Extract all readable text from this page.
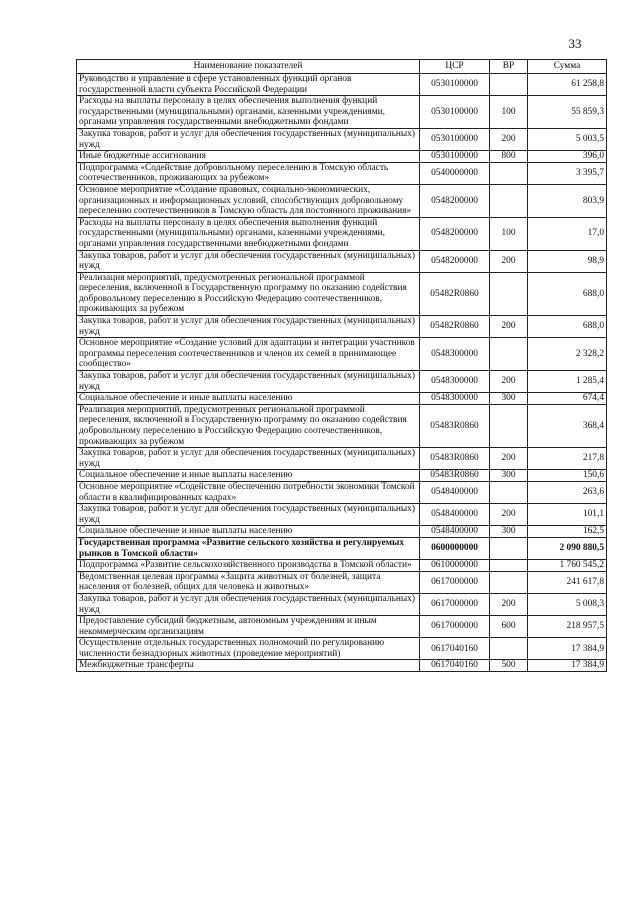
33
Наименование показателей	ЦСР	ВР	Сумма
Руководство и управление в сфере установленных функций органов государственной власти субъекта Российской Федерации	0530100000		61 258,8
Расходы на выплаты персоналу в целях обеспечения выполнения функций государственными (муниципальными) органами, казенными учреждениями, органами управления государственными внебюджетными фондами	0530100000	100	55 859,3
Закупка товаров, работ и услуг для обеспечения государственных (муниципальных) нужд	0530100000	200	5 003,5
Иные бюджетные ассигнования	0530100000	800	396,0
Подпрограмма «Содействие добровольному переселению в Томскую область соотечественников, проживающих за рубежом»	0540000000		3 395,7
Основное мероприятие «Создание правовых, социально-экономических, организационных и информационных условий, способствующих добровольному переселению соотечественников в Томскую область для постоянного проживания»	0548200000		803,9
Расходы на выплаты персоналу в целях обеспечения выполнения функций государственными (муниципальными) органами, казенными учреждениями, органами управления государственными внебюджетными фондами	0548200000	100	17,0
Закупка товаров, работ и услуг для обеспечения государственных (муниципальных) нужд	0548200000	200	98,9
Реализация мероприятий, предусмотренных региональной программой переселения, включенной в Государственную программу по оказанию содействия добровольному переселению в Российскую Федерацию соотечественников, проживающих за рубежом	05482R0860		688,0
Закупка товаров, работ и услуг для обеспечения государственных (муниципальных) нужд	05482R0860	200	688,0
Основное мероприятие «Создание условий для адаптации и интеграции участников программы переселения соотечественников и членов их семей в принимающее сообщество»	0548300000		2 328,2
Закупка товаров, работ и услуг для обеспечения государственных (муниципальных) нужд	0548300000	200	1 285,4
Социальное обеспечение и иные выплаты населению	0548300000	300	674,4
Реализация мероприятий, предусмотренных региональной программой переселения, включенной в Государственную программу по оказанию содействия добровольному переселению в Российскую Федерацию соотечественников, проживающих за рубежом	05483R0860		368,4
Закупка товаров, работ и услуг для обеспечения государственных (муниципальных) нужд	05483R0860	200	217,8
Социальное обеспечение и иные выплаты населению	05483R0860	300	150,6
Основное мероприятие «Содействие обеспечению потребности экономики Томской области в квалифицированных кадрах»	0548400000		263,6
Закупка товаров, работ и услуг для обеспечения государственных (муниципальных) нужд	0548400000	200	101,1
Социальное обеспечение и иные выплаты населению	0548400000	300	162,5
Государственная программа «Развитие сельского хозяйства и регулируемых рынков в Томской области»	0600000000		2 090 880,5
Подпрограмма «Развитие сельскохозяйственного производства в Томской области»	0610000000		1 760 545,2
Ведомственная целевая программа «Защита животных от болезней, защита населения от болезней, общих для человека и животных»	0617000000		241 617,8
Закупка товаров, работ и услуг для обеспечения государственных (муниципальных) нужд	0617000000	200	5 008,3
Предоставление субсидий бюджетным, автономным учреждениям и иным некоммерческим организациям	0617000000	600	218 957,5
Осуществление отдельных государственных полномочий по регулированию численности безнадзорных животных (проведение мероприятий)	0617040160		17 384,9
Межбюджетные трансферты	0617040160	500	17 384,9
